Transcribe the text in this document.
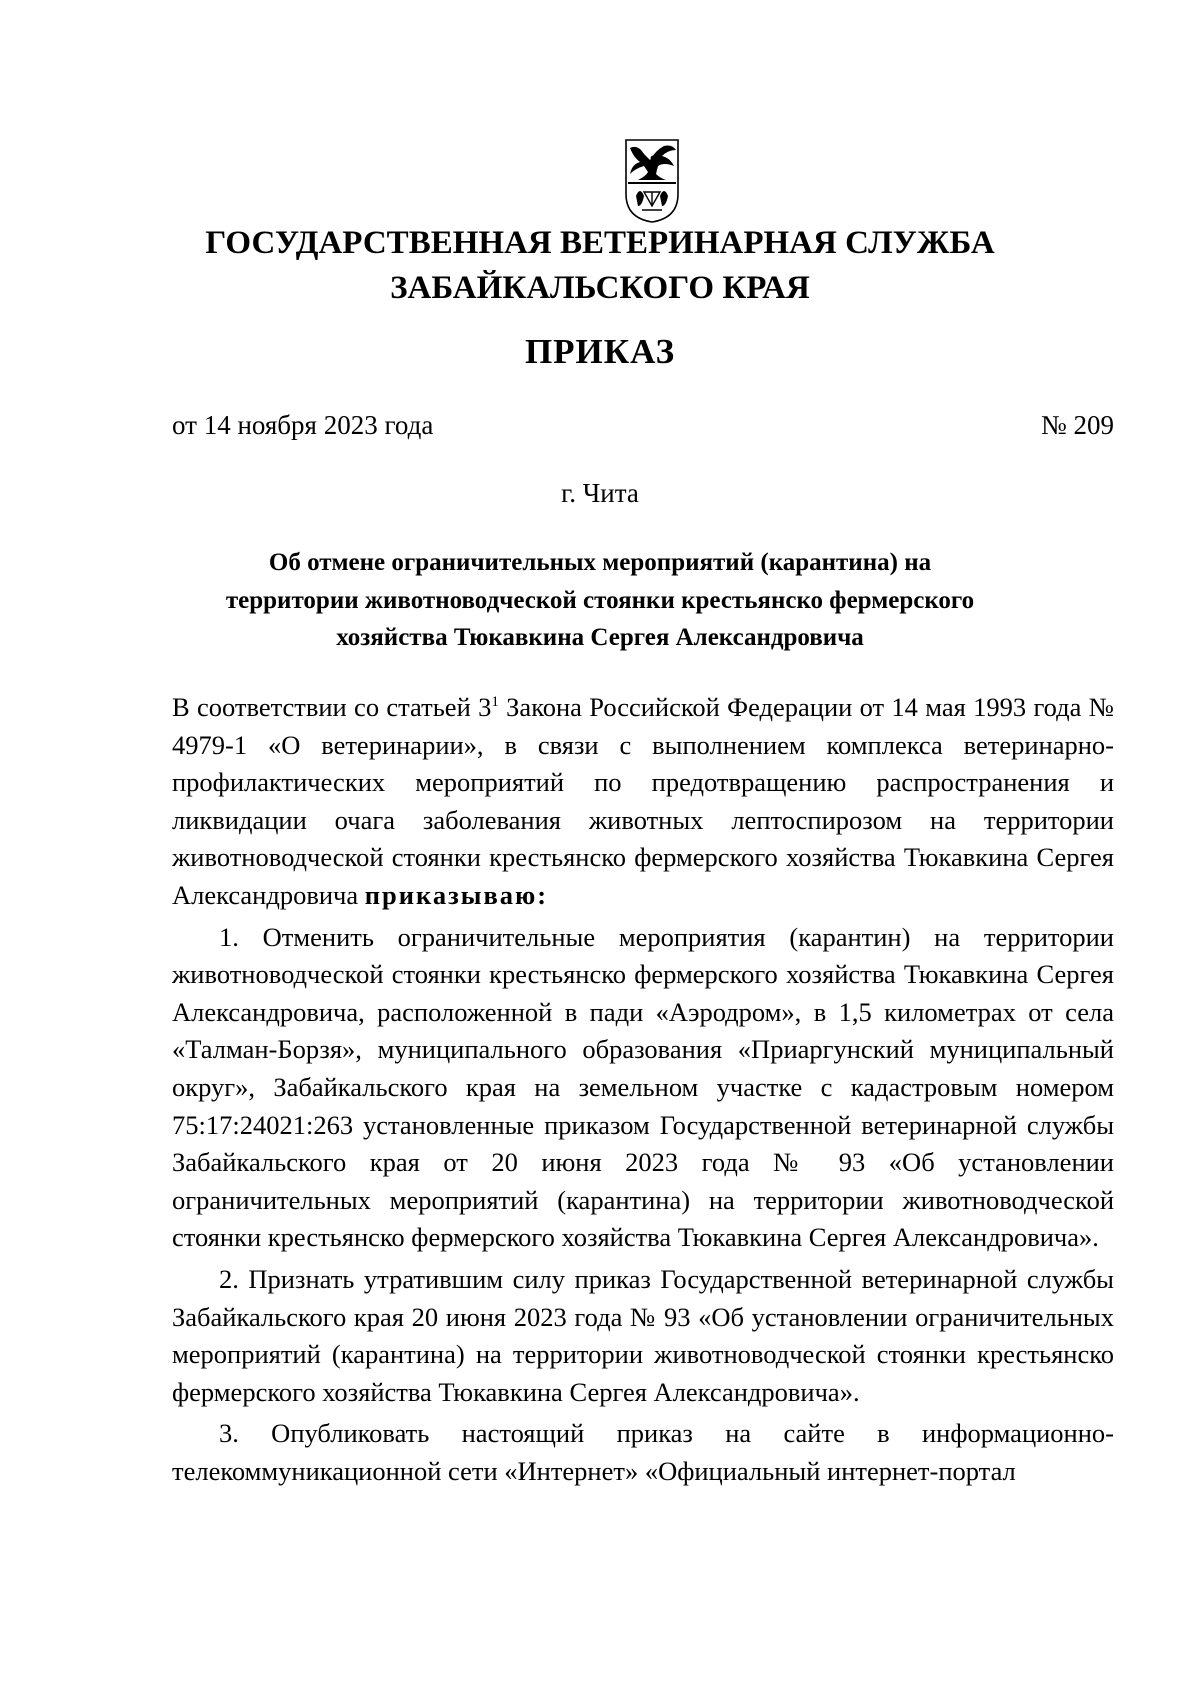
ГОСУДАРСТВЕННАЯ ВЕТЕРИНАРНАЯ СЛУЖБА
ЗАБАЙКАЛЬСКОГО КРАЯ
ПРИКАЗ
от 14 ноября 2023 года	№ 209
г. Чита
Об отмене ограничительных мероприятий (карантина) на
территории животноводческой стоянки крестьянско фермерского
хозяйства Тюкавкина Сергея Александровича

В соответствии со статьей $3^1$ Закона Российской Федерации от 14 мая 1993 года № 4979-1 «О ветеринарии», в связи с выполнением комплекса ветеринарно-профилактических мероприятий по предотвращению распространения и ликвидации очага заболевания животных лептоспирозом на территории животноводческой стоянки крестьянско фермерского хозяйства Тюкавкина Сергея Александровича приказываю:

1. Отменить ограничительные мероприятия (карантин) на территории животноводческой стоянки крестьянско фермерского хозяйства Тюкавкина Сергея Александровича, расположенной в пади «Аэродром», в 1,5 километрах от села «Талман-Борзя», муниципального образования «Приаргунский муниципальный округ», Забайкальского края на земельном участке с кадастровым номером 75:17:24021:263 установленные приказом Государственной ветеринарной службы Забайкальского края от 20 июня 2023 года № 93 «Об установлении ограничительных мероприятий (карантина) на территории животноводческой стоянки крестьянско фермерского хозяйства Тюкавкина Сергея Александровича».

2. Признать утратившим силу приказ Государственной ветеринарной службы Забайкальского края 20 июня 2023 года № 93 «Об установлении ограничительных мероприятий (карантина) на территории животноводческой стоянки крестьянско фермерского хозяйства Тюкавкина Сергея Александровича».

3. Опубликовать настоящий приказ на сайте в информационно-телекоммуникационной сети «Интернет» «Официальный интернет-портал
